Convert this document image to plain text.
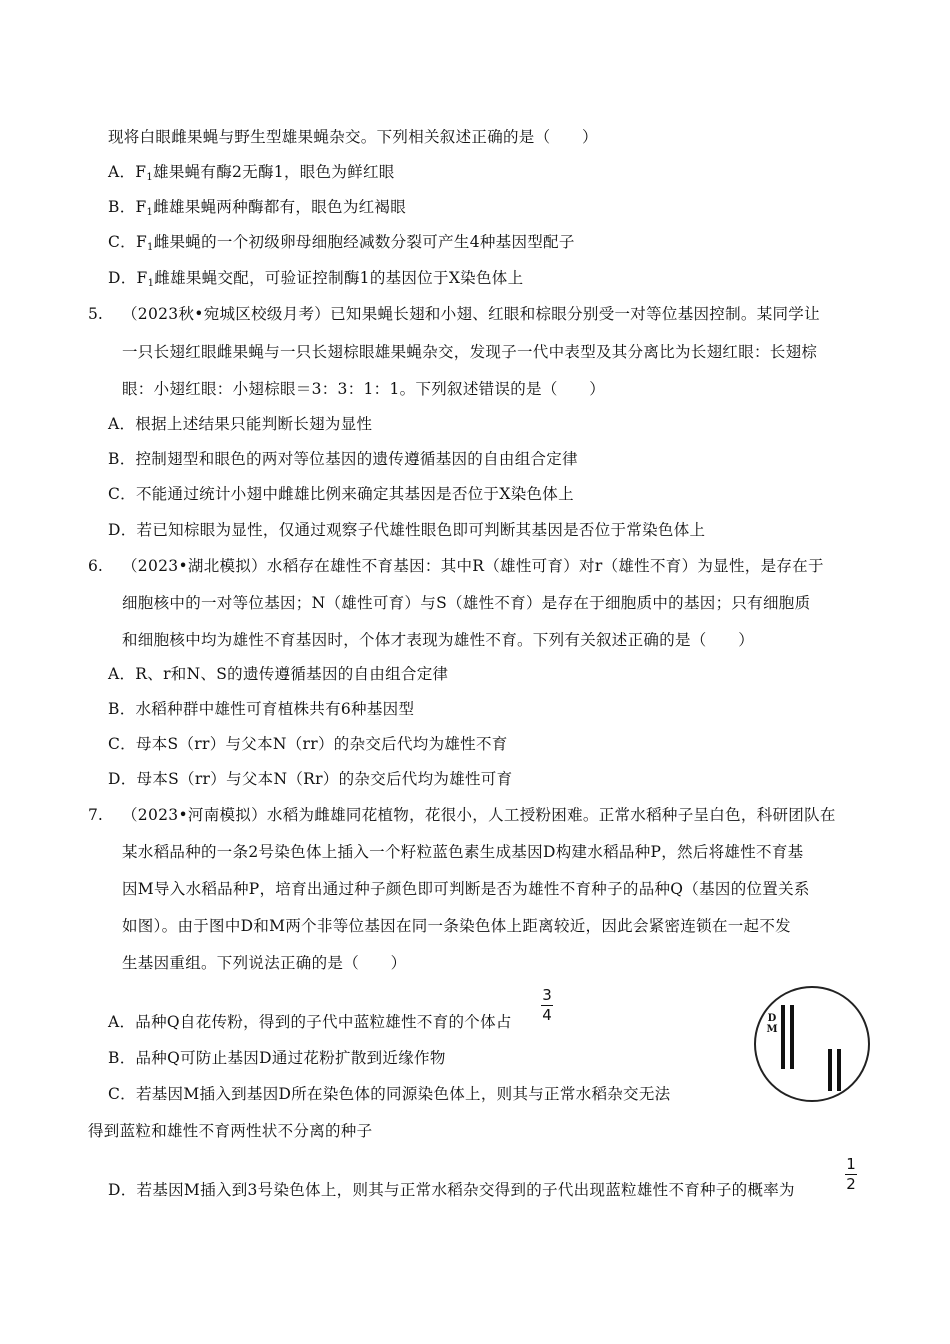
现将白眼雌果蝇与野生型雄果蝇杂交。下列相关叙述正确的是（　　）
A．$F_1$雄果蝇有酶2无酶1，眼色为鲜红眼
B．$F_1$雌雄果蝇两种酶都有，眼色为红褐眼
C．$F_1$雌果蝇的一个初级卵母细胞经减数分裂可产生4种基因型配子
D．$F_1$雌雄果蝇交配，可验证控制酶1的基因位于X染色体上
5. （2023秋•宛城区校级月考）已知果蝇长翅和小翅、红眼和棕眼分别受一对等位基因控制。某同学让
一只长翅红眼雌果蝇与一只长翅棕眼雄果蝇杂交，发现子一代中表型及其分离比为长翅红眼：长翅棕
眼：小翅红眼：小翅棕眼＝3：3：1：1。下列叙述错误的是（　　）
A．根据上述结果只能判断长翅为显性
B．控制翅型和眼色的两对等位基因的遗传遵循基因的自由组合定律
C．不能通过统计小翅中雌雄比例来确定其基因是否位于X染色体上
D．若已知棕眼为显性，仅通过观察子代雄性眼色即可判断其基因是否位于常染色体上
6. （2023•湖北模拟）水稻存在雄性不育基因：其中R（雄性可育）对r（雄性不育）为显性，是存在于
细胞核中的一对等位基因；N（雄性可育）与S（雄性不育）是存在于细胞质中的基因；只有细胞质
和细胞核中均为雄性不育基因时，个体才表现为雄性不育。下列有关叙述正确的是（　　）
A．R、r和N、S的遗传遵循基因的自由组合定律
B．水稻种群中雄性可育植株共有6种基因型
C．母本S（rr）与父本N（rr）的杂交后代均为雄性不育
D．母本S（rr）与父本N（Rr）的杂交后代均为雄性可育
7. （2023•河南模拟）水稻为雌雄同花植物，花很小，人工授粉困难。正常水稻种子呈白色，科研团队在
某水稻品种的一条2号染色体上插入一个籽粒蓝色素生成基因D构建水稻品种P，然后将雄性不育基
因M导入水稻品种P，培育出通过种子颜色即可判断是否为雄性不育种子的品种Q（基因的位置关系
如图）。由于图中D和M两个非等位基因在同一条染色体上距离较近，因此会紧密连锁在一起不发
生基因重组。下列说法正确的是（　　）
A．品种Q自花传粉，得到的子代中蓝粒雄性不育的个体占
3
4
B．品种Q可防止基因D通过花粉扩散到近缘作物
C．若基因M插入到基因D所在染色体的同源染色体上，则其与正常水稻杂交无法
得到蓝粒和雄性不育两性状不分离的种子
D．若基因M插入到3号染色体上，则其与正常水稻杂交得到的子代出现蓝粒雄性不育种子的概率为
1
2
D
M
